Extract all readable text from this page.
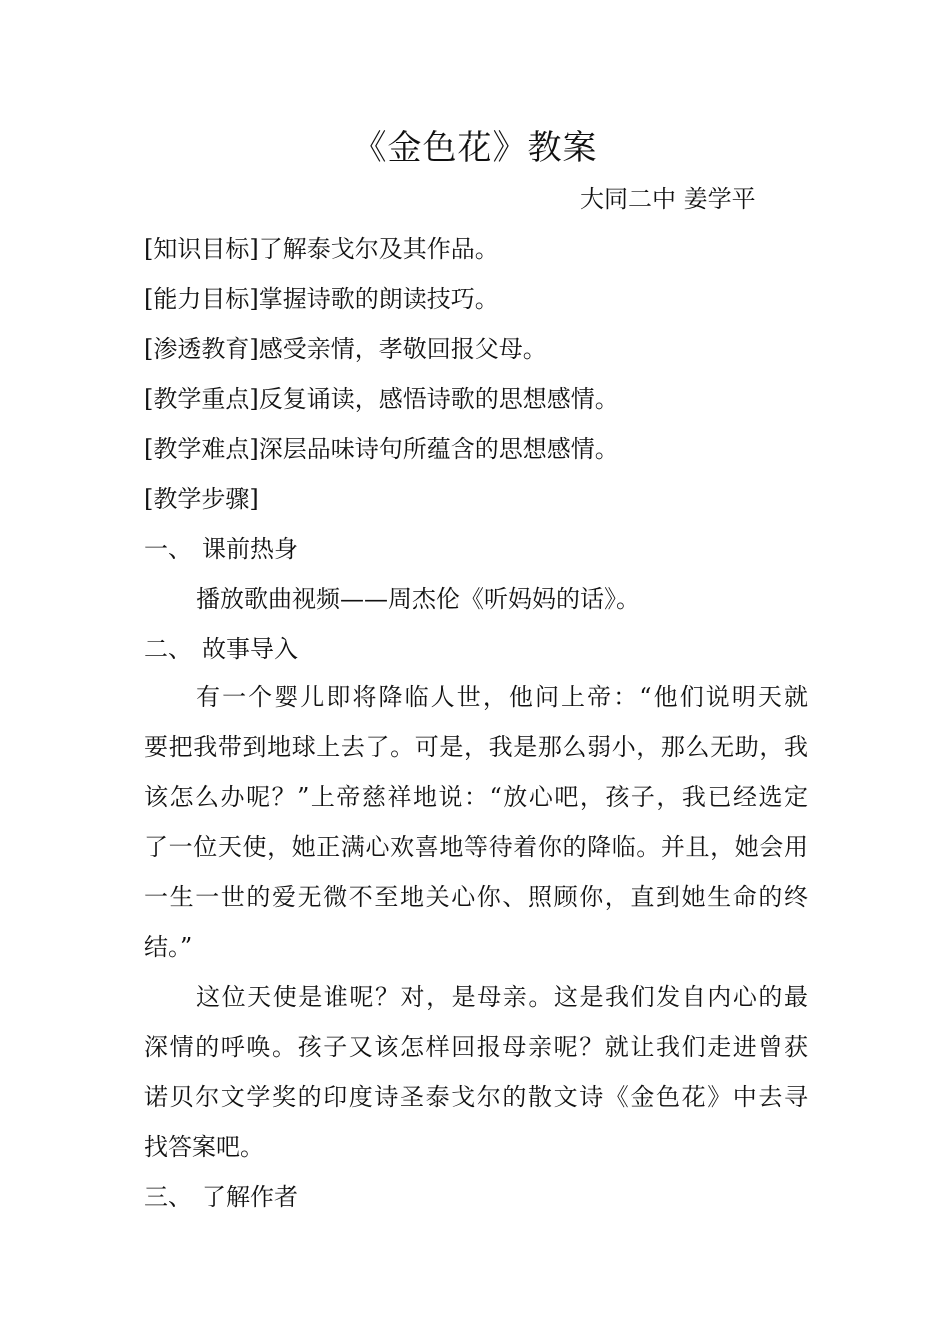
《金色花》教案
大同二中 姜学平
[知识目标]了解泰戈尔及其作品。
[能力目标]掌握诗歌的朗读技巧。
[渗透教育]感受亲情，孝敬回报父母。
[教学重点]反复诵读，感悟诗歌的思想感情。
[教学难点]深层品味诗句所蕴含的思想感情。
[教学步骤]
一、 课前热身
播放歌曲视频——周杰伦《听妈妈的话》。
二、 故事导入
有一个婴儿即将降临人世，他问上帝：“他们说明天就
要把我带到地球上去了。可是，我是那么弱小，那么无助，我
该怎么办呢？”上帝慈祥地说：“放心吧，孩子，我已经选定
了一位天使，她正满心欢喜地等待着你的降临。并且，她会用
一生一世的爱无微不至地关心你、照顾你，直到她生命的终
结。”
这位天使是谁呢？对，是母亲。这是我们发自内心的最
深情的呼唤。孩子又该怎样回报母亲呢？就让我们走进曾获
诺贝尔文学奖的印度诗圣泰戈尔的散文诗《金色花》中去寻
找答案吧。
三、 了解作者
